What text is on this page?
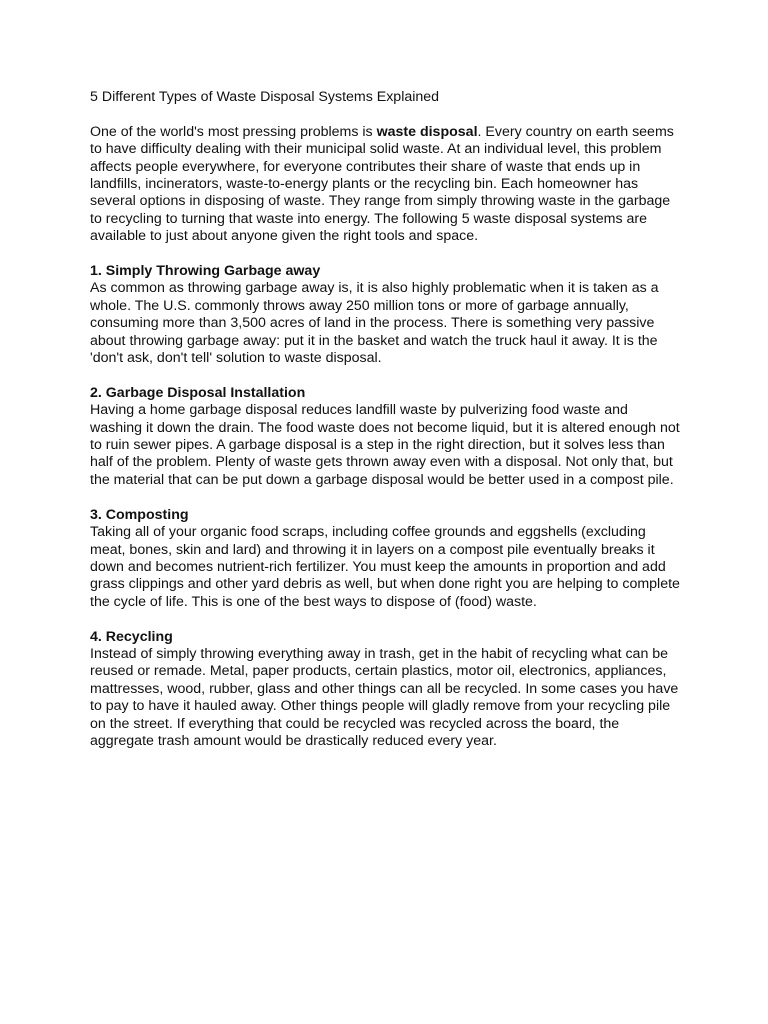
5 Different Types of Waste Disposal Systems Explained

One of the world's most pressing problems is waste disposal. Every country on earth seems to have difficulty dealing with their municipal solid waste. At an individual level, this problem affects people everywhere, for everyone contributes their share of waste that ends up in landfills, incinerators, waste-to-energy plants or the recycling bin. Each homeowner has several options in disposing of waste. They range from simply throwing waste in the garbage to recycling to turning that waste into energy. The following 5 waste disposal systems are available to just about anyone given the right tools and space.

1. Simply Throwing Garbage away
As common as throwing garbage away is, it is also highly problematic when it is taken as a whole. The U.S. commonly throws away 250 million tons or more of garbage annually, consuming more than 3,500 acres of land in the process. There is something very passive about throwing garbage away: put it in the basket and watch the truck haul it away. It is the 'don't ask, don't tell' solution to waste disposal.
2. Garbage Disposal Installation
Having a home garbage disposal reduces landfill waste by pulverizing food waste and washing it down the drain. The food waste does not become liquid, but it is altered enough not to ruin sewer pipes. A garbage disposal is a step in the right direction, but it solves less than half of the problem. Plenty of waste gets thrown away even with a disposal. Not only that, but the material that can be put down a garbage disposal would be better used in a compost pile.
3. Composting
Taking all of your organic food scraps, including coffee grounds and eggshells (excluding meat, bones, skin and lard) and throwing it in layers on a compost pile eventually breaks it down and becomes nutrient-rich fertilizer. You must keep the amounts in proportion and add grass clippings and other yard debris as well, but when done right you are helping to complete the cycle of life. This is one of the best ways to dispose of (food) waste.
4. Recycling
Instead of simply throwing everything away in trash, get in the habit of recycling what can be reused or remade. Metal, paper products, certain plastics, motor oil, electronics, appliances, mattresses, wood, rubber, glass and other things can all be recycled. In some cases you have to pay to have it hauled away. Other things people will gladly remove from your recycling pile on the street. If everything that could be recycled was recycled across the board, the aggregate trash amount would be drastically reduced every year.
